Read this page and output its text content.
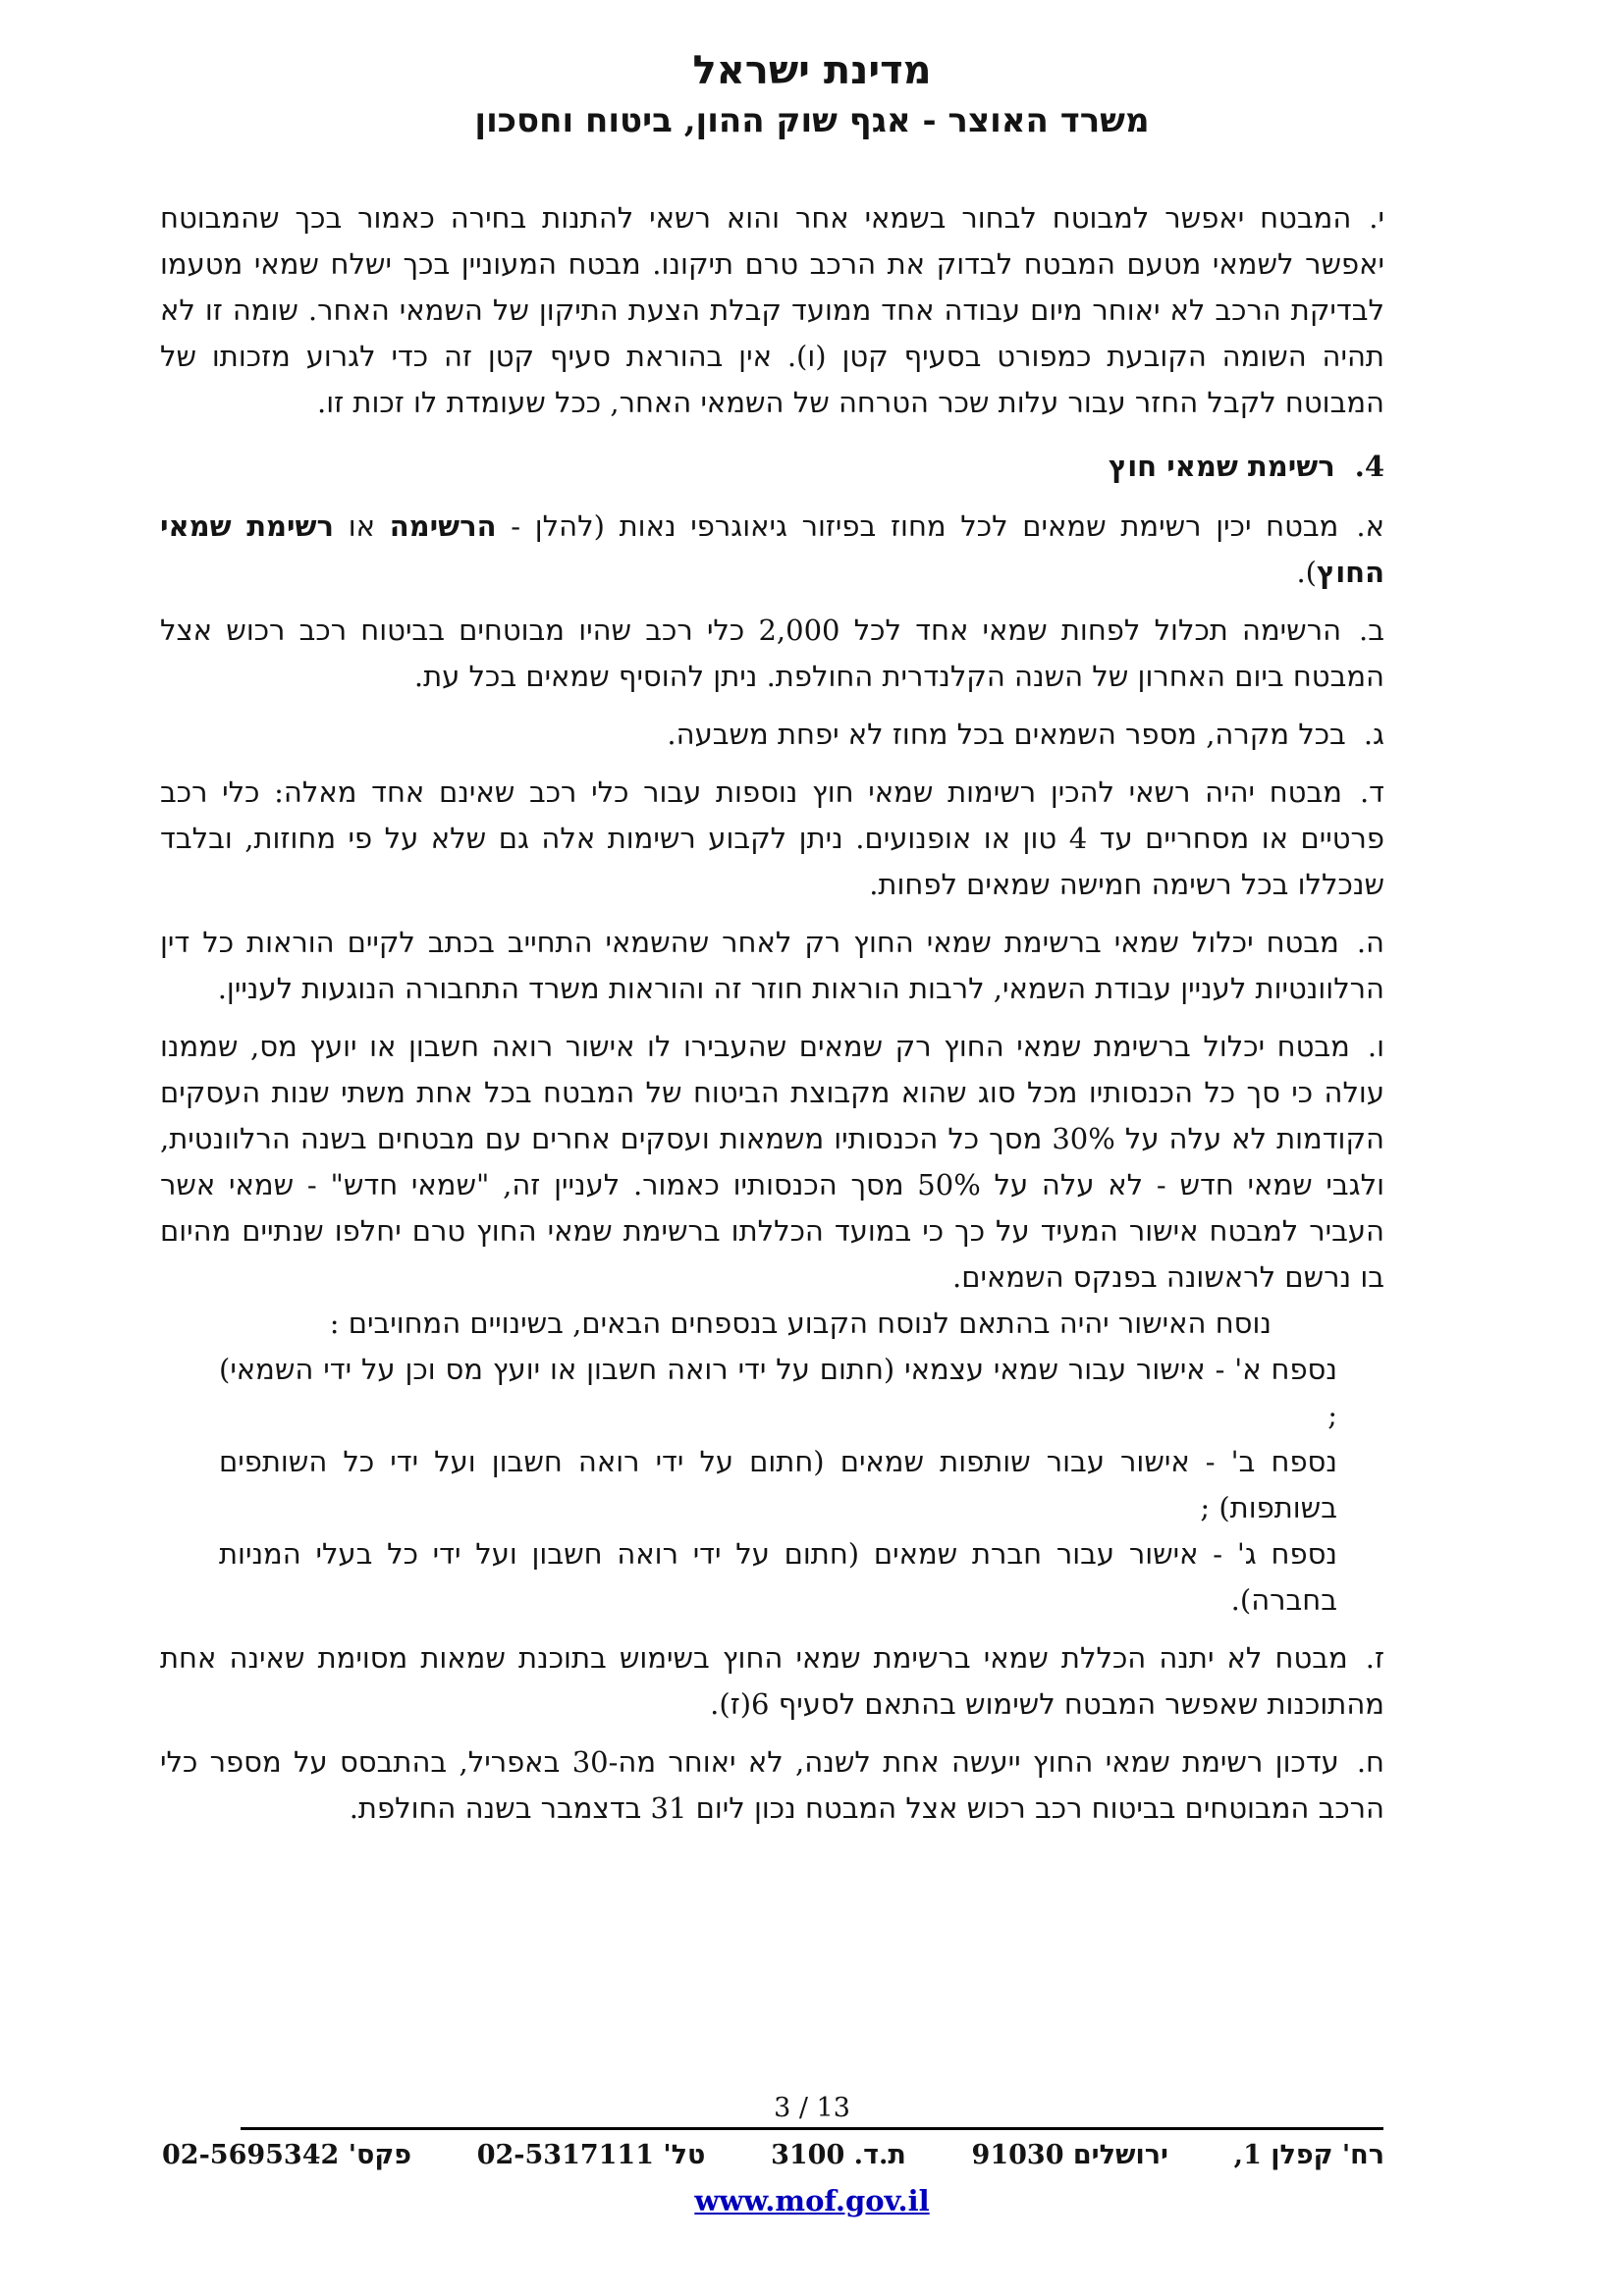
מדינת ישראל
משרד האוצר - אגף שוק ההון, ביטוח וחסכון

י.המבטח יאפשר למבוטח לבחור בשמאי אחר והוא רשאי להתנות בחירה כאמור בכך שהמבוטח יאפשר לשמאי מטעם המבטח לבדוק את הרכב טרם תיקונו. מבטח המעוניין בכך ישלח שמאי מטעמו לבדיקת הרכב לא יאוחר מיום עבודה אחד ממועד קבלת הצעת התיקון של השמאי האחר. שומה זו לא תהיה השומה הקובעת כמפורט בסעיף קטן (ו). אין בהוראת סעיף קטן זה כדי לגרוע מזכותו של המבוטח לקבל החזר עבור עלות שכר הטרחה של השמאי האחר, ככל שעומדת לו זכות זו.

4.רשימת שמאי חוץ

א.מבטח יכין רשימת שמאים לכל מחוז בפיזור גיאוגרפי נאות (להלן - הרשימה או רשימת שמאי החוץ).

ב.הרשימה תכלול לפחות שמאי אחד לכל 2,000 כלי רכב שהיו מבוטחים בביטוח רכב רכוש אצל המבטח ביום האחרון של השנה הקלנדרית החולפת. ניתן להוסיף שמאים בכל עת.

ג.בכל מקרה, מספר השמאים בכל מחוז לא יפחת משבעה.

ד.מבטח יהיה רשאי להכין רשימות שמאי חוץ נוספות עבור כלי רכב שאינם אחד מאלה: כלי רכב פרטיים או מסחריים עד 4 טון או אופנועים. ניתן לקבוע רשימות אלה גם שלא על פי מחוזות, ובלבד שנכללו בכל רשימה חמישה שמאים לפחות.

ה.מבטח יכלול שמאי ברשימת שמאי החוץ רק לאחר שהשמאי התחייב בכתב לקיים הוראות כל דין הרלוונטיות לעניין עבודת השמאי, לרבות הוראות חוזר זה והוראות משרד התחבורה הנוגעות לעניין.

ו.מבטח יכלול ברשימת שמאי החוץ רק שמאים שהעבירו לו אישור רואה חשבון או יועץ מס, שממנו עולה כי סך כל הכנסותיו מכל סוג שהוא מקבוצת הביטוח של המבטח בכל אחת משתי שנות העסקים הקודמות לא עלה על 30% מסך כל הכנסותיו משמאות ועסקים אחרים עם מבטחים בשנה הרלוונטית, ולגבי שמאי חדש - לא עלה על 50% מסך הכנסותיו כאמור. לעניין זה, "שמאי חדש" - שמאי אשר העביר למבטח אישור המעיד על כך כי במועד הכללתו ברשימת שמאי החוץ טרם יחלפו שנתיים מהיום בו נרשם לראשונה בפנקס השמאים.

נוסח האישור יהיה בהתאם לנוסח הקבוע בנספחים הבאים, בשינויים המחויבים :

נספח א' - אישור עבור שמאי עצמאי (חתום על ידי רואה חשבון או יועץ מס וכן על ידי השמאי) ;

נספח ב' - אישור עבור שותפות שמאים (חתום על ידי רואה חשבון ועל ידי כל השותפים בשותפות) ;

נספח ג' - אישור עבור חברת שמאים (חתום על ידי רואה חשבון ועל ידי כל בעלי המניות בחברה).

ז.מבטח לא יתנה הכללת שמאי ברשימת שמאי החוץ בשימוש בתוכנת שמאות מסוימת שאינה אחת מהתוכנות שאפשר המבטח לשימוש בהתאם לסעיף 6(ז).

ח.עדכון רשימת שמאי החוץ ייעשה אחת לשנה, לא יאוחר מה-30 באפריל, בהתבסס על מספר כלי הרכב המבוטחים בביטוח רכב רכוש אצל המבטח נכון ליום 31 בדצמבר בשנה החולפת.

3 / 13
רח' קפלן 1,
ירושלים 91030
ת.ד. 3100
טל' 02-5317111
פקס' 02-5695342
www.mof.gov.il
